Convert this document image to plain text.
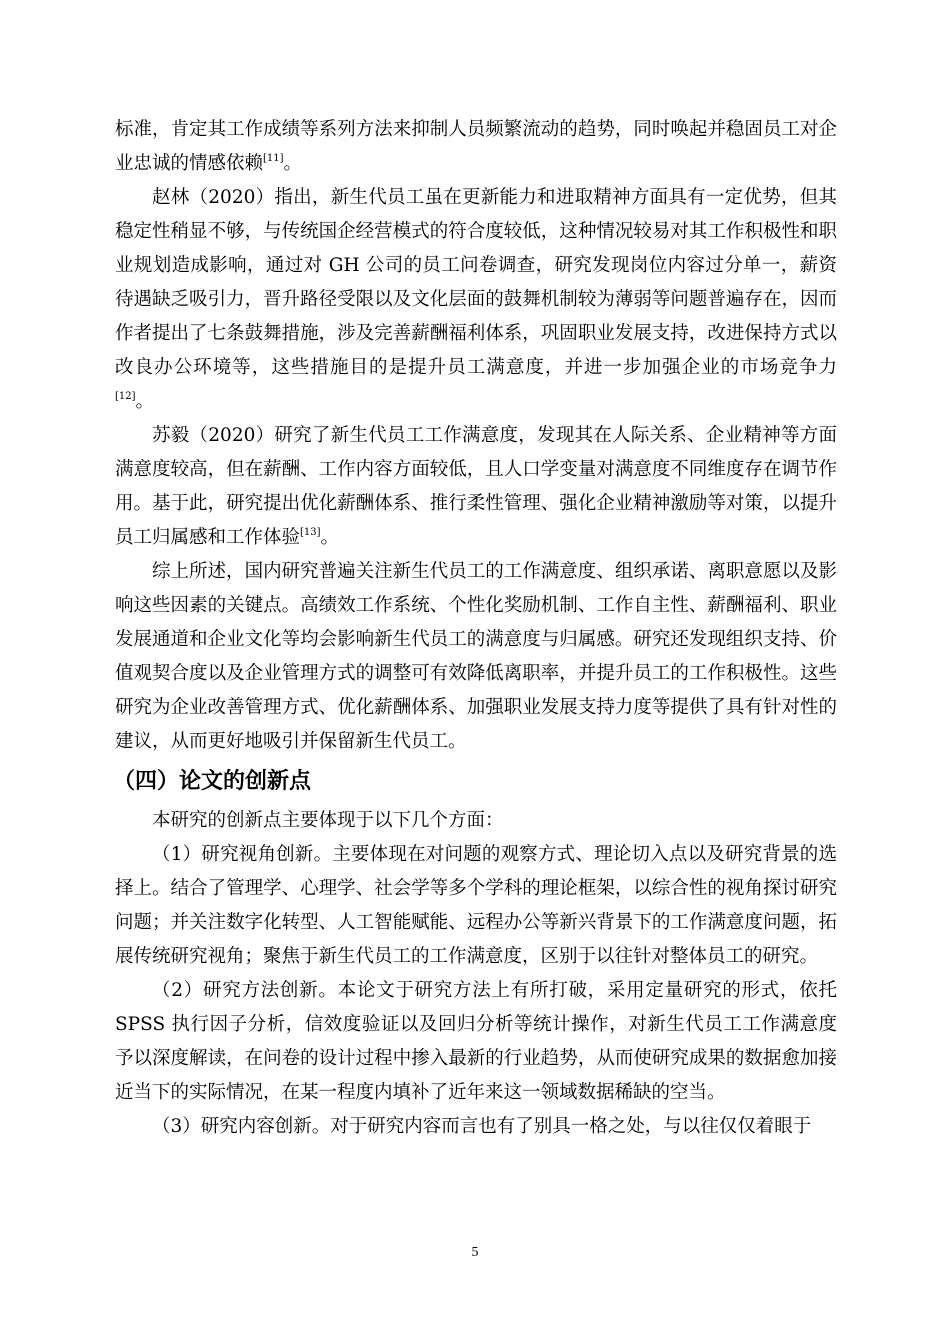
标准，肯定其工作成绩等系列方法来抑制人员频繁流动的趋势，同时唤起并稳固员工对企业忠诚的情感依赖[11]。

赵林（2020）指出，新生代员工虽在更新能力和进取精神方面具有一定优势，但其稳定性稍显不够，与传统国企经营模式的符合度较低，这种情况较易对其工作积极性和职业规划造成影响，通过对 GH 公司的员工问卷调查，研究发现岗位内容过分单一，薪资待遇缺乏吸引力，晋升路径受限以及文化层面的鼓舞机制较为薄弱等问题普遍存在，因而作者提出了七条鼓舞措施，涉及完善薪酬福利体系，巩固职业发展支持，改进保持方式以改良办公环境等，这些措施目的是提升员工满意度，并进一步加强企业的市场竞争力[12]。

苏毅（2020）研究了新生代员工工作满意度，发现其在人际关系、企业精神等方面满意度较高，但在薪酬、工作内容方面较低，且人口学变量对满意度不同维度存在调节作用。基于此，研究提出优化薪酬体系、推行柔性管理、强化企业精神激励等对策，以提升员工归属感和工作体验[13]。

综上所述，国内研究普遍关注新生代员工的工作满意度、组织承诺、离职意愿以及影响这些因素的关键点。高绩效工作系统、个性化奖励机制、工作自主性、薪酬福利、职业发展通道和企业文化等均会影响新生代员工的满意度与归属感。研究还发现组织支持、价值观契合度以及企业管理方式的调整可有效降低离职率，并提升员工的工作积极性。这些研究为企业改善管理方式、优化薪酬体系、加强职业发展支持力度等提供了具有针对性的建议，从而更好地吸引并保留新生代员工。

（四）论文的创新点

本研究的创新点主要体现于以下几个方面：

（1）研究视角创新。主要体现在对问题的观察方式、理论切入点以及研究背景的选择上。结合了管理学、心理学、社会学等多个学科的理论框架，以综合性的视角探讨研究问题；并关注数字化转型、人工智能赋能、远程办公等新兴背景下的工作满意度问题，拓展传统研究视角；聚焦于新生代员工的工作满意度，区别于以往针对整体员工的研究。

（2）研究方法创新。本论文于研究方法上有所打破，采用定量研究的形式，依托 SPSS 执行因子分析，信效度验证以及回归分析等统计操作，对新生代员工工作满意度予以深度解读，在问卷的设计过程中掺入最新的行业趋势，从而使研究成果的数据愈加接近当下的实际情况，在某一程度内填补了近年来这一领域数据稀缺的空当。

（3）研究内容创新。对于研究内容而言也有了别具一格之处，与以往仅仅着眼于

5
